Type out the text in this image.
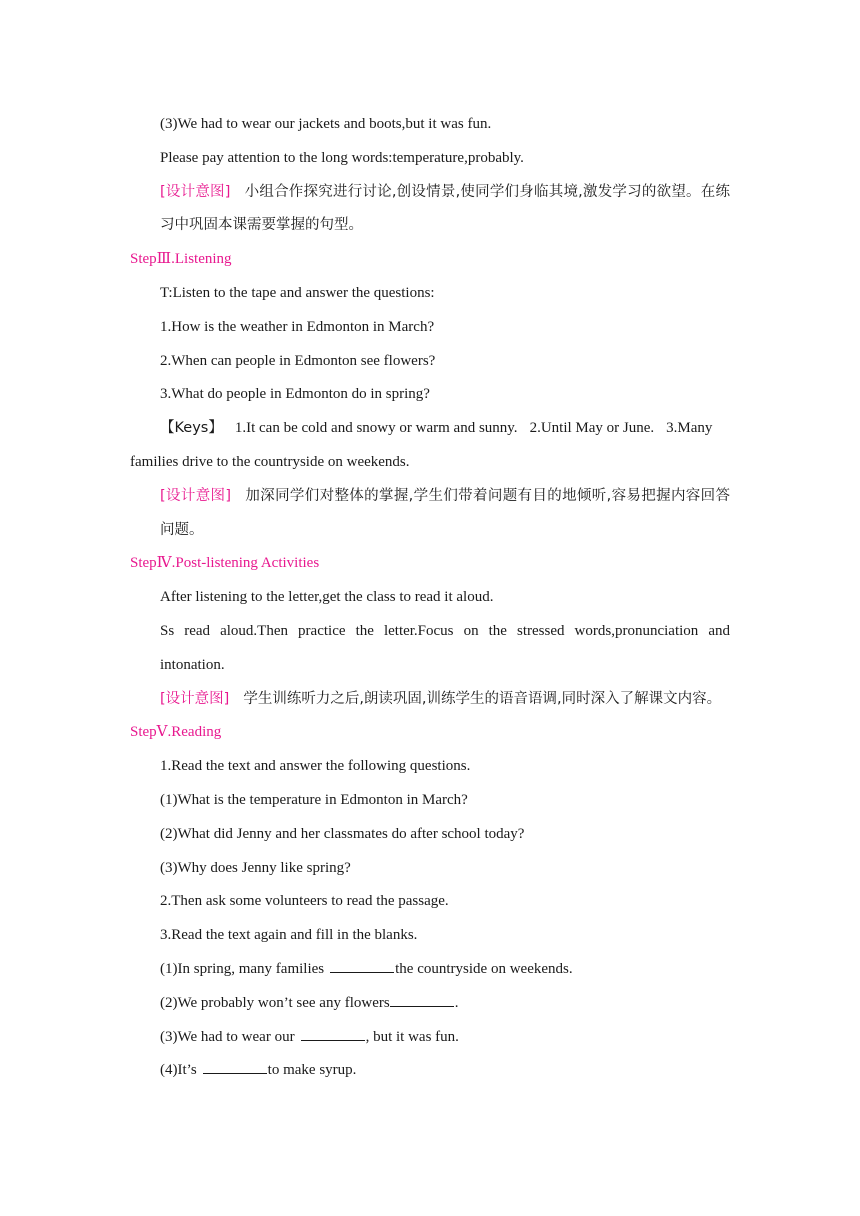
(3)We had to wear our jackets and boots,but it was fun.

Please pay attention to the long words:temperature,probably.

[设计意图] 小组合作探究进行讨论,创设情景,使同学们身临其境,激发学习的欲望。在练习中巩固本课需要掌握的句型。

StepⅢ.Listening

T:Listen to the tape and answer the questions:

1.How is the weather in Edmonton in March?

2.When can people in Edmonton see flowers?

3.What do people in Edmonton do in spring?

【Keys】 1.It can be cold and snowy or warm and sunny. 2.Until May or June. 3.Many

families drive to the countryside on weekends.

[设计意图] 加深同学们对整体的掌握,学生们带着问题有目的地倾听,容易把握内容回答问题。

StepⅣ.Post-listening Activities

After listening to the letter,get the class to read it aloud.

Ss read aloud.Then practice the letter.Focus on the stressed words,pronunciation and intonation.

[设计意图] 学生训练听力之后,朗读巩固,训练学生的语音语调,同时深入了解课文内容。

StepⅤ.Reading

1.Read the text and answer the following questions.

(1)What is the temperature in Edmonton in March?

(2)What did Jenny and her classmates do after school today?

(3)Why does Jenny like spring?

2.Then ask some volunteers to read the passage.

3.Read the text again and fill in the blanks.

(1)In spring, many families	the countryside on weekends.

(2)We probably won’t see any flowers	.

(3)We had to wear our	, but it was fun.

(4)It’s	to make syrup.
